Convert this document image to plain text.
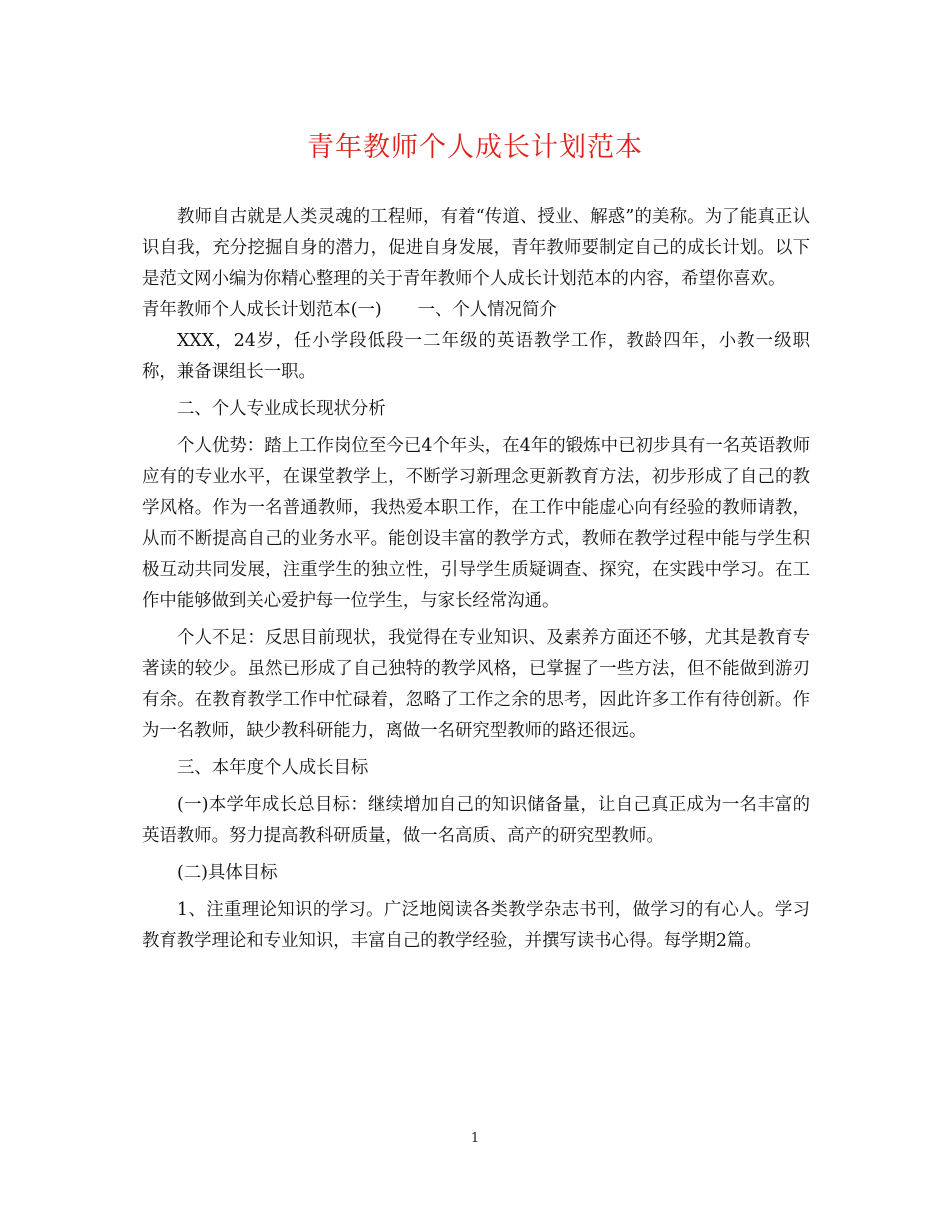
青年教师个人成长计划范本

教师自古就是人类灵魂的工程师，有着“传道、授业、解惑”的美称。为了能真正认识自我，充分挖掘自身的潜力，促进自身发展，青年教师要制定自己的成长计划。以下是范文网小编为你精心整理的关于青年教师个人成长计划范本的内容，希望你喜欢。

青年教师个人成长计划范本(一) 一、个人情况简介

XXX，24岁，任小学段低段一二年级的英语教学工作，教龄四年，小教一级职称，兼备课组长一职。

二、个人专业成长现状分析

个人优势：踏上工作岗位至今已4个年头，在4年的锻炼中已初步具有一名英语教师应有的专业水平，在课堂教学上，不断学习新理念更新教育方法，初步形成了自己的教学风格。作为一名普通教师，我热爱本职工作，在工作中能虚心向有经验的教师请教，从而不断提高自己的业务水平。能创设丰富的教学方式，教师在教学过程中能与学生积极互动共同发展，注重学生的独立性，引导学生质疑调查、探究，在实践中学习。在工作中能够做到关心爱护每一位学生，与家长经常沟通。

个人不足：反思目前现状，我觉得在专业知识、及素养方面还不够，尤其是教育专著读的较少。虽然已形成了自己独特的教学风格，已掌握了一些方法，但不能做到游刃有余。在教育教学工作中忙碌着，忽略了工作之余的思考，因此许多工作有待创新。作为一名教师，缺少教科研能力，离做一名研究型教师的路还很远。

三、本年度个人成长目标

(一)本学年成长总目标：继续增加自己的知识储备量，让自己真正成为一名丰富的英语教师。努力提高教科研质量，做一名高质、高产的研究型教师。

(二)具体目标

1、注重理论知识的学习。广泛地阅读各类教学杂志书刊，做学习的有心人。学习教育教学理论和专业知识，丰富自己的教学经验，并撰写读书心得。每学期2篇。

1
